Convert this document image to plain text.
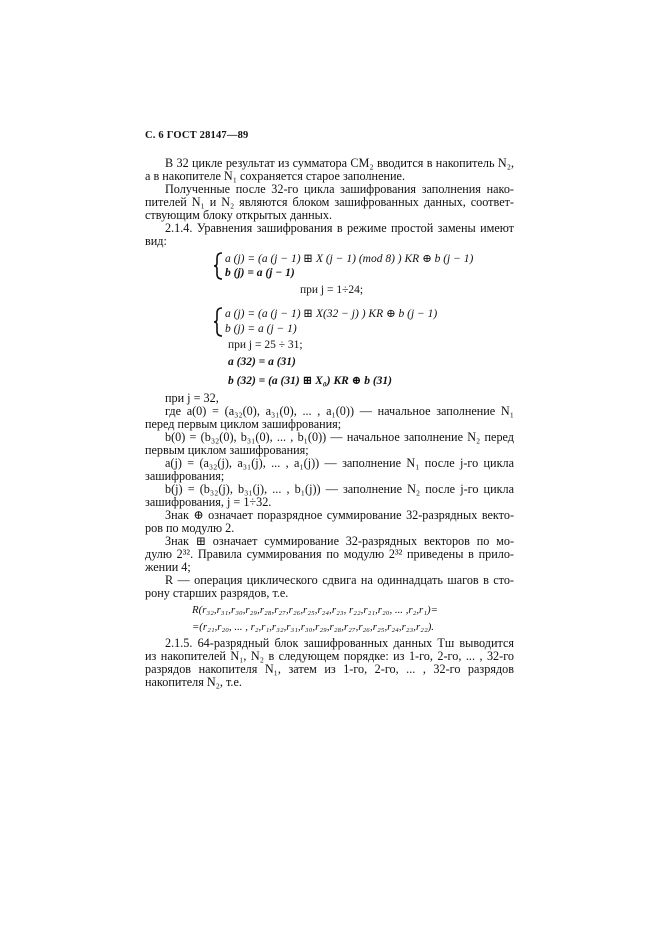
С. 6 ГОСТ 28147—89
В 32 цикле результат из сумматора CM₂ вводится в накопитель N₂,
а в накопителе N₁ сохраняется старое заполнение.
Полученные после 32-го цикла зашифрования заполнения нако-
пителей N₁ и N₂ являются блоком зашифрованных данных, соответ-
ствующим блоку открытых данных.
2.1.4. Уравнения зашифрования в режиме простой замены имеют
вид:
a (j) = (a (j − 1) ⊞ X (j − 1) (mod 8) ) KR ⊕ b (j − 1)
b (j) = a (j − 1)
при j = 1÷24;
a (j) = (a (j − 1) ⊞ X(32 − j) ) KR ⊕ b (j − 1)
b (j) = a (j − 1)
при j = 25 ÷ 31;
a (32) = a (31)
b (32) = (a (31) ⊞ X₀) KR ⊕ b (31)
при j = 32,
где a(0) = (a₃₂(0), a₃₁(0), ... , a₁(0)) — начальное заполнение N₁
перед первым циклом зашифрования;
b(0) = (b₃₂(0), b₃₁(0), ... , b₁(0)) — начальное заполнение N₂ перед
первым циклом зашифрования;
a(j) = (a₃₂(j), a₃₁(j), ... , a₁(j)) — заполнение N₁ после j-го цикла
зашифрования;
b(j) = (b₃₂(j), b₃₁(j), ... , b₁(j)) — заполнение N₂ после j-го цикла
зашифрования, j = 1÷32.
Знак ⊕ означает поразрядное суммирование 32-разрядных векто-
ров по модулю 2.
Знак ⊞ означает суммирование 32-разрядных векторов по мо-
дулю 2³². Правила суммирования по модулю 2³² приведены в прило-
жении 4;
R — операция циклического сдвига на одиннадцать шагов в сто-
рону старших разрядов, т.е.
R(r₃₂,r₃₁,r₃₀,r₂₉,r₂₈,r₂₇,r₂₆,r₂₅,r₂₄,r₂₃, r₂₂,r₂₁,r₂₀, ... ,r₂,r₁)=
=(r₂₁,r₂₀, ... , r₂,r₁,r₃₂,r₃₁,r₃₀,r₂₉,r₂₈,r₂₇,r₂₆,r₂₅,r₂₄,r₂₃,r₂₂).
2.1.5. 64-разрядный блок зашифрованных данных Tш выводится
из накопителей N₁, N₂ в следующем порядке: из 1-го, 2-го, ... , 32-го
разрядов накопителя N₁, затем из 1-го, 2-го, ... , 32-го разрядов
накопителя N₂, т.е.
